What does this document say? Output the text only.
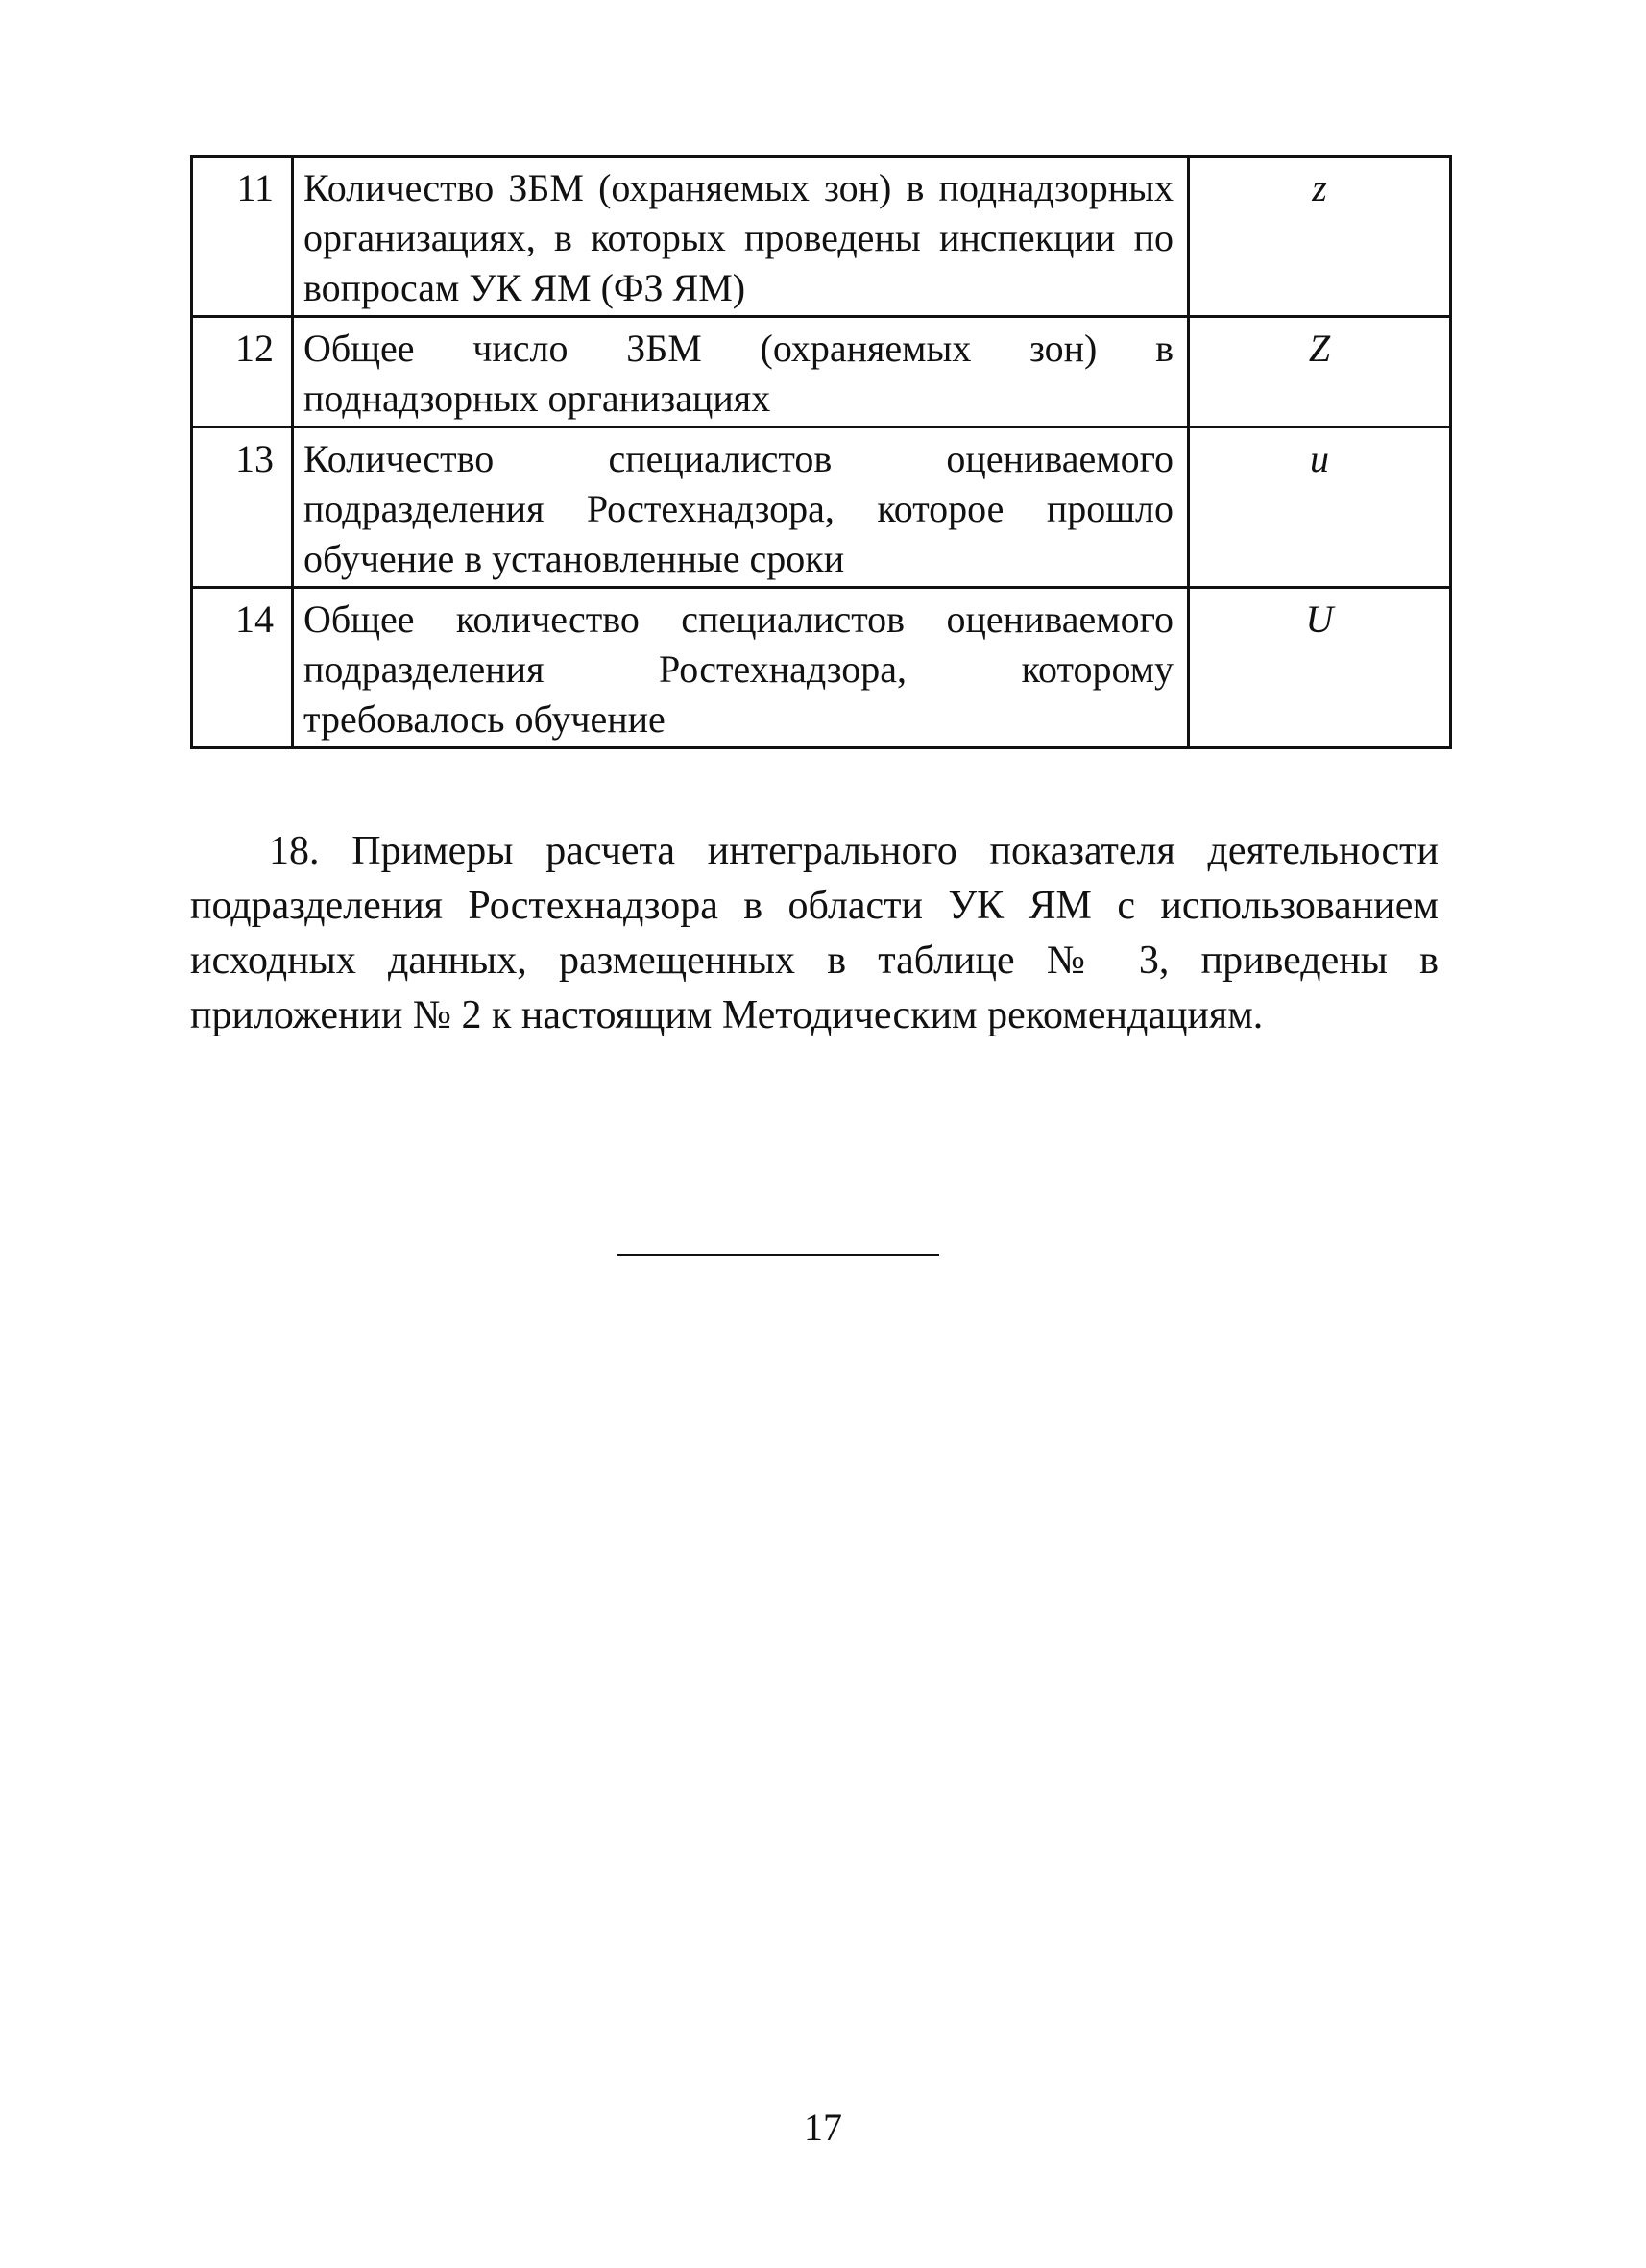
11	Количество ЗБМ (охраняемых зон) в поднадзорных организациях, в которых проведены инспекции по вопросам УК ЯМ (ФЗ ЯМ)	z
12	Общее число ЗБМ (охраняемых зон) в поднадзорных организациях	Z
13	Количество специалистов оцениваемого подразделения Ростехнадзора, которое прошло обучение в установленные сроки	u
14	Общее количество специалистов оцениваемого подразделения Ростехнадзора, которому требовалось обучение	U

18. Примеры расчета интегрального показателя деятельности подразделения Ростехнадзора в области УК ЯМ с использованием исходных данных, размещенных в таблице № 3, приведены в приложении № 2 к настоящим Методическим рекомендациям.

17
